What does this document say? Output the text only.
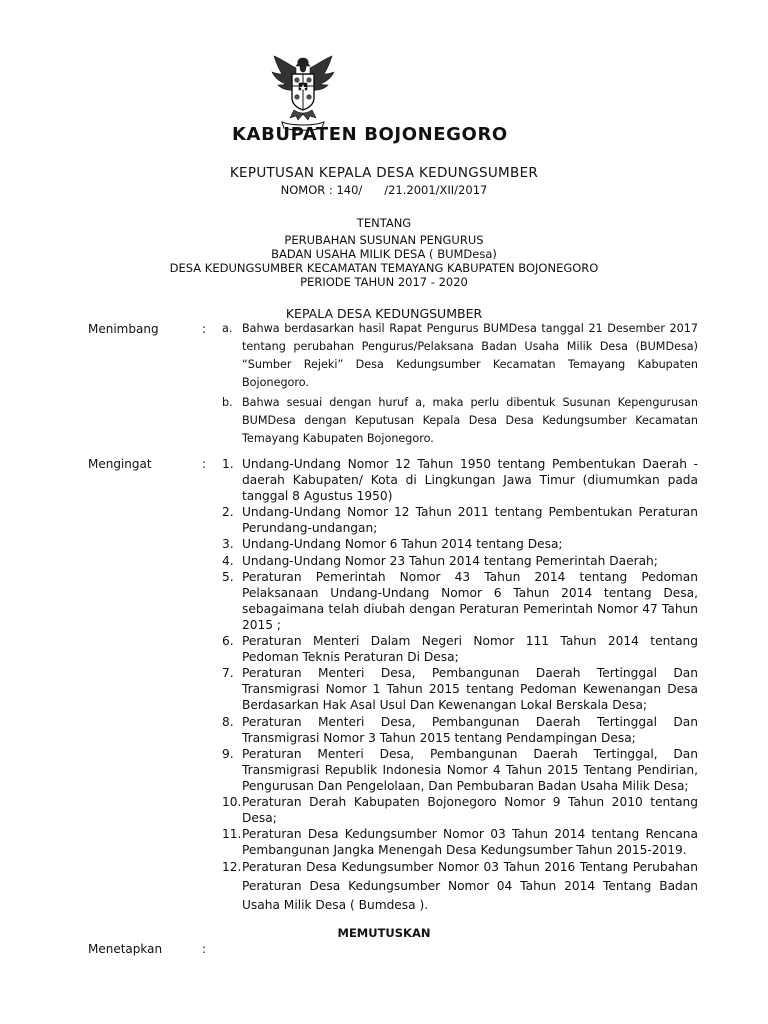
KABUPATEN BOJONEGORO
KEPUTUSAN KEPALA DESA KEDUNGSUMBER
NOMOR : 140/      /21.2001/XII/2017
TENTANG
PERUBAHAN SUSUNAN PENGURUS
BADAN USAHA MILIK DESA ( BUMDesa)
DESA KEDUNGSUMBER KECAMATAN TEMAYANG KABUPATEN BOJONEGORO
PERIODE TAHUN 2017 - 2020
KEPALA DESA KEDUNGSUMBER
Menimbang	: a. Bahwa berdasarkan hasil Rapat Pengurus BUMDesa tanggal 21 Desember 2017 tentang perubahan Pengurus/Pelaksana Badan Usaha Milik Desa (BUMDesa) “Sumber Rejeki” Desa Kedungsumber Kecamatan Temayang Kabupaten Bojonegoro.
b. Bahwa sesuai dengan huruf a, maka perlu dibentuk Susunan Kepengurusan BUMDesa dengan Keputusan Kepala Desa Desa Kedungsumber Kecamatan Temayang Kabupaten Bojonegoro.
Mengingat	: 1. Undang-Undang Nomor 12 Tahun 1950 tentang Pembentukan Daerah - daerah Kabupaten/ Kota di Lingkungan Jawa Timur (diumumkan pada tanggal 8 Agustus 1950)
2. Undang-Undang Nomor 12 Tahun 2011 tentang Pembentukan Peraturan Perundang-undangan;
3. Undang-Undang Nomor 6 Tahun 2014 tentang Desa;
4. Undang-Undang Nomor 23 Tahun 2014 tentang Pemerintah Daerah;
5. Peraturan Pemerintah Nomor 43 Tahun 2014 tentang Pedoman Pelaksanaan Undang-Undang Nomor 6 Tahun 2014 tentang Desa, sebagaimana telah diubah dengan Peraturan Pemerintah Nomor 47 Tahun 2015 ;
6. Peraturan Menteri Dalam Negeri Nomor 111 Tahun 2014 tentang Pedoman Teknis Peraturan Di Desa;
7. Peraturan Menteri Desa, Pembangunan Daerah Tertinggal Dan Transmigrasi Nomor 1 Tahun 2015 tentang Pedoman Kewenangan Desa Berdasarkan Hak Asal Usul Dan Kewenangan Lokal Berskala Desa;
8. Peraturan Menteri Desa, Pembangunan Daerah Tertinggal Dan Transmigrasi Nomor 3 Tahun 2015 tentang Pendampingan Desa;
9. Peraturan Menteri Desa, Pembangunan Daerah Tertinggal, Dan Transmigrasi Republik Indonesia Nomor 4 Tahun 2015 Tentang Pendirian, Pengurusan Dan Pengelolaan, Dan Pembubaran Badan Usaha Milik Desa;
10. Peraturan Derah Kabupaten Bojonegoro Nomor 9 Tahun 2010 tentang Desa;
11. Peraturan Desa Kedungsumber Nomor 03 Tahun 2014 tentang Rencana Pembangunan Jangka Menengah Desa Kedungsumber Tahun 2015-2019.
12. Peraturan Desa Kedungsumber Nomor 03 Tahun 2016 Tentang Perubahan Peraturan Desa Kedungsumber Nomor 04 Tahun 2014 Tentang Badan Usaha Milik Desa ( Bumdesa ).
MEMUTUSKAN
Menetapkan	:
